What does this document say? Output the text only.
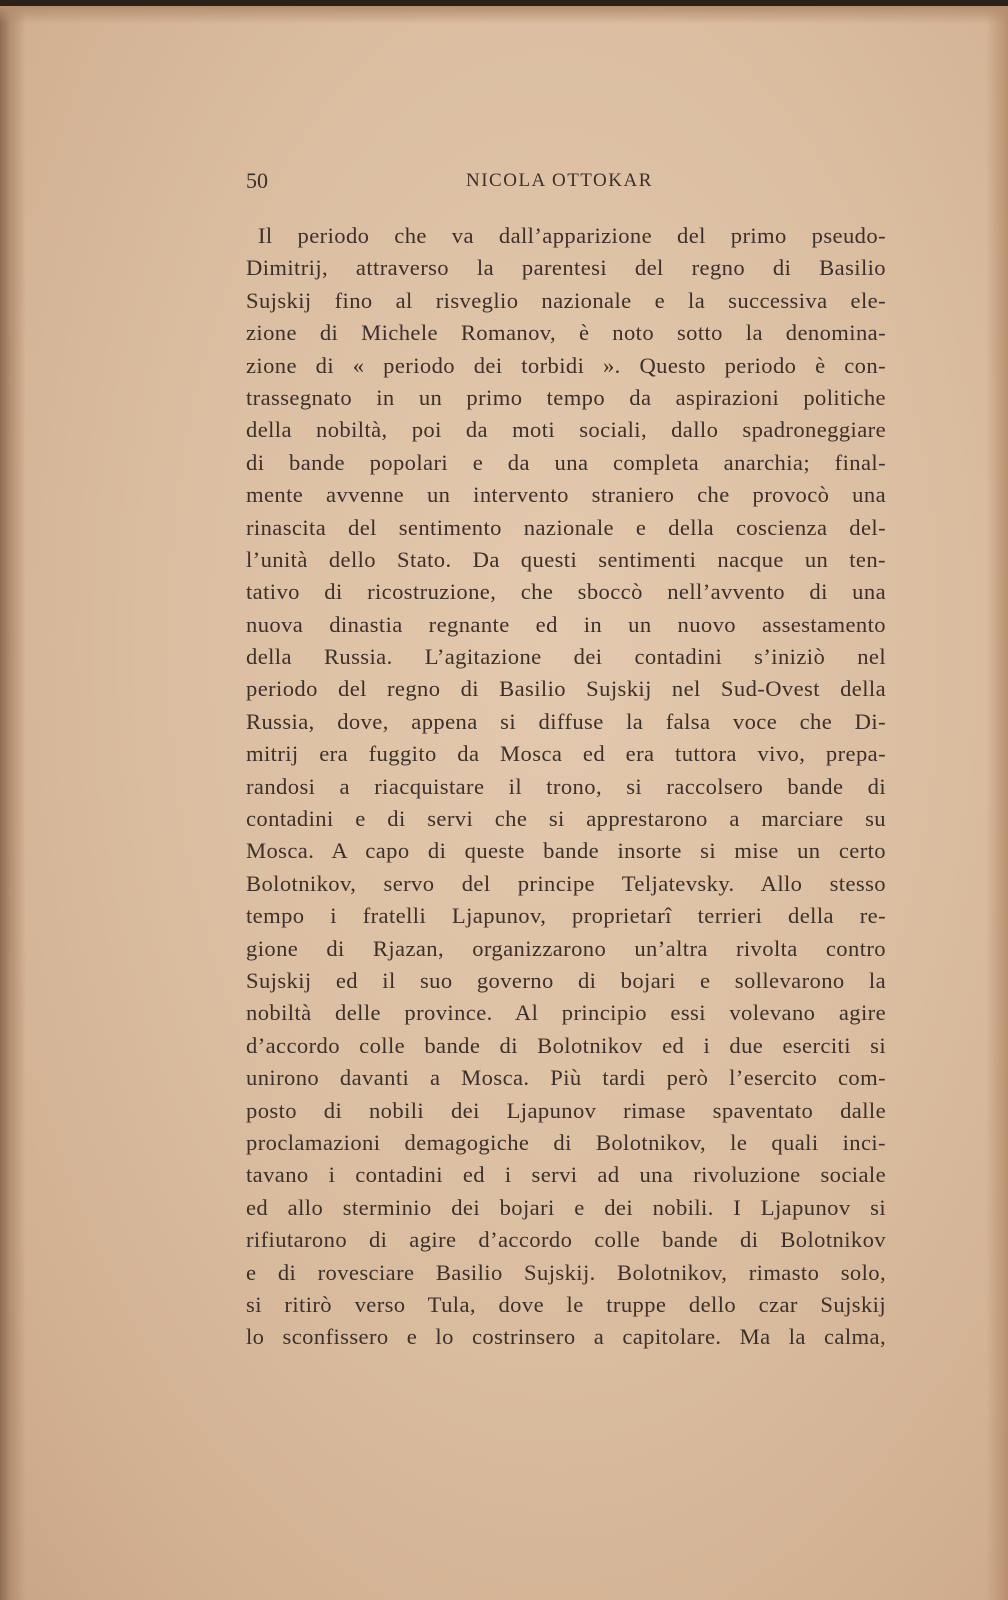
50	NICOLA OTTOKAR
Il periodo che va dall’apparizione del primo pseudo-
Dimitrij, attraverso la parentesi del regno di Basilio
Sujskij fino al risveglio nazionale e la successiva ele-
zione di Michele Romanov, è noto sotto la denomina-
zione di « periodo dei torbidi ». Questo periodo è con-
trassegnato in un primo tempo da aspirazioni politiche
della nobiltà, poi da moti sociali, dallo spadroneggiare
di bande popolari e da una completa anarchia; final-
mente avvenne un intervento straniero che provocò una
rinascita del sentimento nazionale e della coscienza del-
l’unità dello Stato. Da questi sentimenti nacque un ten-
tativo di ricostruzione, che sboccò nell’avvento di una
nuova dinastia regnante ed in un nuovo assestamento
della Russia. L’agitazione dei contadini s’iniziò nel
periodo del regno di Basilio Sujskij nel Sud-Ovest della
Russia, dove, appena si diffuse la falsa voce che Di-
mitrij era fuggito da Mosca ed era tuttora vivo, prepa-
randosi a riacquistare il trono, si raccolsero bande di
contadini e di servi che si apprestarono a marciare su
Mosca. A capo di queste bande insorte si mise un certo
Bolotnikov, servo del principe Teljatevsky. Allo stesso
tempo i fratelli Ljapunov, proprietarî terrieri della re-
gione di Rjazan, organizzarono un’altra rivolta contro
Sujskij ed il suo governo di bojari e sollevarono la
nobiltà delle province. Al principio essi volevano agire
d’accordo colle bande di Bolotnikov ed i due eserciti si
unirono davanti a Mosca. Più tardi però l’esercito com-
posto di nobili dei Ljapunov rimase spaventato dalle
proclamazioni demagogiche di Bolotnikov, le quali inci-
tavano i contadini ed i servi ad una rivoluzione sociale
ed allo sterminio dei bojari e dei nobili. I Ljapunov si
rifiutarono di agire d’accordo colle bande di Bolotnikov
e di rovesciare Basilio Sujskij. Bolotnikov, rimasto solo,
si ritirò verso Tula, dove le truppe dello czar Sujskij
lo sconfissero e lo costrinsero a capitolare. Ma la calma,
